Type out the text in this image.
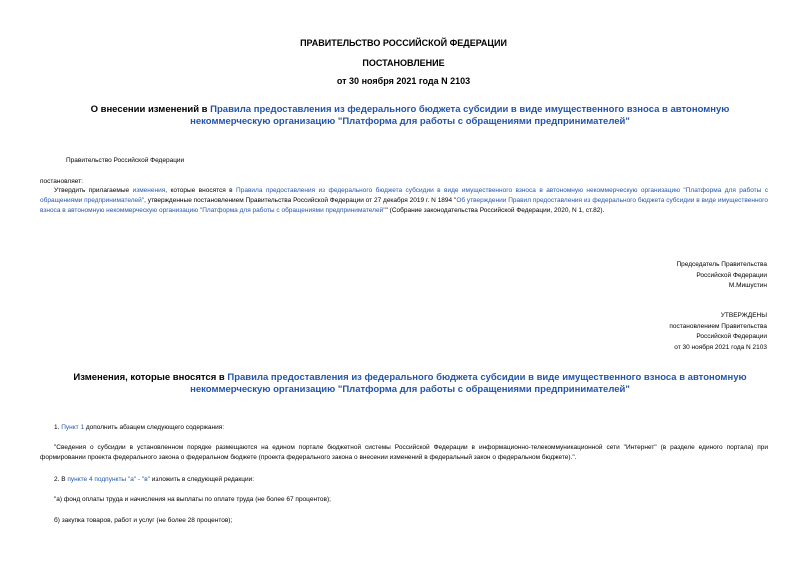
ПРАВИТЕЛЬСТВО РОССИЙСКОЙ ФЕДЕРАЦИИ
ПОСТАНОВЛЕНИЕ
от 30 ноября 2021 года N 2103
О внесении изменений в Правила предоставления из федерального бюджета субсидии в виде имущественного взноса в автономную некоммерческую организацию "Платформа для работы с обращениями предпринимателей"
Правительство Российской Федерации
постановляет:
Утвердить прилагаемые изменения, которые вносятся в Правила предоставления из федерального бюджета субсидии в виде имущественного взноса в автономную некоммерческую организацию "Платформа для работы с обращениями предпринимателей", утвержденные постановлением Правительства Российской Федерации от 27 декабря 2019 г. N 1894 "Об утверждении Правил предоставления из федерального бюджета субсидии в виде имущественного взноса в автономную некоммерческую организацию "Платформа для работы с обращениями предпринимателей"" (Собрание законодательства Российской Федерации, 2020, N 1, ст.82).
Председатель Правительства
Российской Федерации
М.Мишустин
УТВЕРЖДЕНЫ
постановлением Правительства
Российской Федерации
от 30 ноября 2021 года N 2103
Изменения, которые вносятся в Правила предоставления из федерального бюджета субсидии в виде имущественного взноса в автономную некоммерческую организацию "Платформа для работы с обращениями предпринимателей"
1. Пункт 1 дополнить абзацем следующего содержания:
"Сведения о субсидии в установленном порядке размещаются на едином портале бюджетной системы Российской Федерации в информационно-телекоммуникационной сети "Интернет" (в разделе единого портала) при формировании проекта федерального закона о федеральном бюджете (проекта федерального закона о внесении изменений в федеральный закон о федеральном бюджете).".
2. В пункте 4 подпункты "а" - "в" изложить в следующей редакции:
"а) фонд оплаты труда и начисления на выплаты по оплате труда (не более 67 процентов);
б) закупка товаров, работ и услуг (не более 28 процентов);
